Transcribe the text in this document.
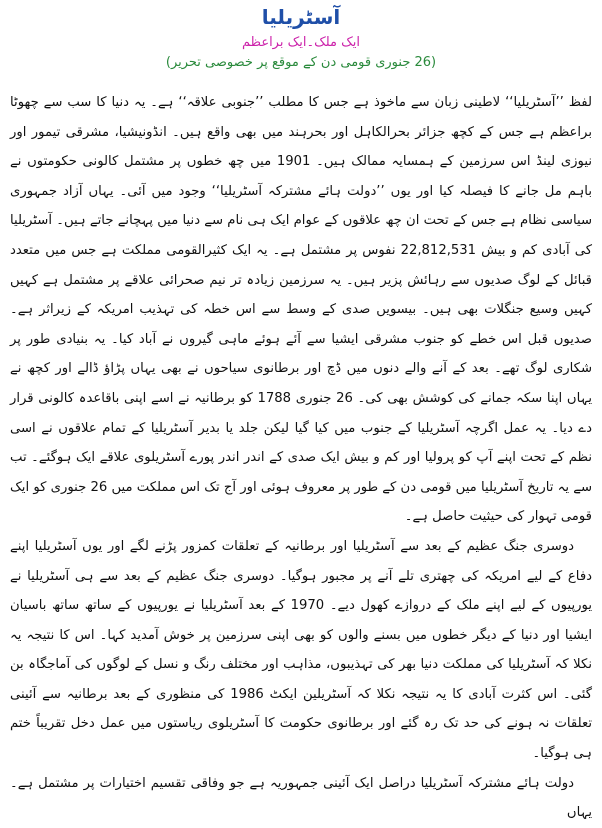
آسٹریلیا
ایک ملک۔ایک براعظم
(26 جنوری قومی دن کے موقع پر خصوصی تحریر)

لفظ ’’آسٹریلیا‘‘ لاطینی زبان سے ماخوذ ہے جس کا مطلب ’’جنوبی علاقہ‘‘ ہے۔ یہ دنیا کا سب سے چھوٹا براعظم ہے جس کے کچھ جزائر بحرالکاہل اور بحرہند میں بھی واقع ہیں۔ انڈونیشیا، مشرقی تیمور اور نیوزی لینڈ اس سرزمین کے ہمسایہ ممالک ہیں۔ 1901 میں چھ خطوں پر مشتمل کالونی حکومتوں نے باہم مل جانے کا فیصلہ کیا اور یوں ’’دولت ہائے مشترکہ آسٹریلیا‘‘ وجود میں آئی۔ یہاں آزاد جمہوری سیاسی نظام ہے جس کے تحت ان چھ علاقوں کے عوام ایک ہی نام سے دنیا میں پہچانے جاتے ہیں۔ آسٹریلیا کی آبادی کم و بیش 22,812,531 نفوس پر مشتمل ہے۔ یہ ایک کثیرالقومی مملکت ہے جس میں متعدد قبائل کے لوگ صدیوں سے رہائش پزیر ہیں۔ یہ سرزمین زیادہ تر نیم صحرائی علاقے پر مشتمل ہے کہیں کہیں وسیع جنگلات بھی ہیں۔ بیسویں صدی کے وسط سے اس خطہ کی تہذیب امریکہ کے زیراثر ہے۔ صدیوں قبل اس خطے کو جنوب مشرقی ایشیا سے آئے ہوئے ماہی گیروں نے آباد کیا۔ یہ بنیادی طور پر شکاری لوگ تھے۔ بعد کے آنے والے دنوں میں ڈچ اور برطانوی سیاحوں نے بھی یہاں پڑاؤ ڈالے اور کچھ نے یہاں اپنا سکہ جمانے کی کوشش بھی کی۔ 26 جنوری 1788 کو برطانیہ نے اسے اپنی باقاعدہ کالونی قرار دے دیا۔ یہ عمل اگرچہ آسٹریلیا کے جنوب میں کیا گیا لیکن جلد یا بدیر آسٹریلیا کے تمام علاقوں نے اسی نظم کے تحت اپنے آپ کو پرولیا اور کم و بیش ایک صدی کے اندر اندر پورے آسٹریلوی علاقے ایک ہوگئے۔ تب سے یہ تاریخ آسٹریلیا میں قومی دن کے طور پر معروف ہوئی اور آج تک اس مملکت میں 26 جنوری کو ایک قومی تہوار کی حیثیت حاصل ہے۔

دوسری جنگ عظیم کے بعد سے آسٹریلیا اور برطانیہ کے تعلقات کمزور پڑنے لگے اور یوں آسٹریلیا اپنے دفاع کے لیے امریکہ کی چھتری تلے آنے پر مجبور ہوگیا۔ دوسری جنگ عظیم کے بعد سے ہی آسٹریلیا نے یورپیوں کے لیے اپنے ملک کے دروازے کھول دیے۔ 1970 کے بعد آسٹریلیا نے یورپیوں کے ساتھ ساتھ باسیان ایشیا اور دنیا کے دیگر خطوں میں بسنے والوں کو بھی اپنی سرزمین پر خوش آمدید کہا۔ اس کا نتیجہ یہ نکلا کہ آسٹریلیا کی مملکت دنیا بھر کی تہذیبوں، مذاہب اور مختلف رنگ و نسل کے لوگوں کی آماجگاہ بن گئی۔ اس کثرت آبادی کا یہ نتیجہ نکلا کہ آسٹریلین ایکٹ 1986 کی منظوری کے بعد برطانیہ سے آئینی تعلقات نہ ہونے کی حد تک رہ گئے اور برطانوی حکومت کا آسٹریلوی ریاستوں میں عمل دخل تقریباً ختم ہی ہوگیا۔

دولت ہائے مشترکہ آسٹریلیا دراصل ایک آئینی جمہوریہ ہے جو وفاقی تقسیم اختیارات پر مشتمل ہے۔ یہاں
